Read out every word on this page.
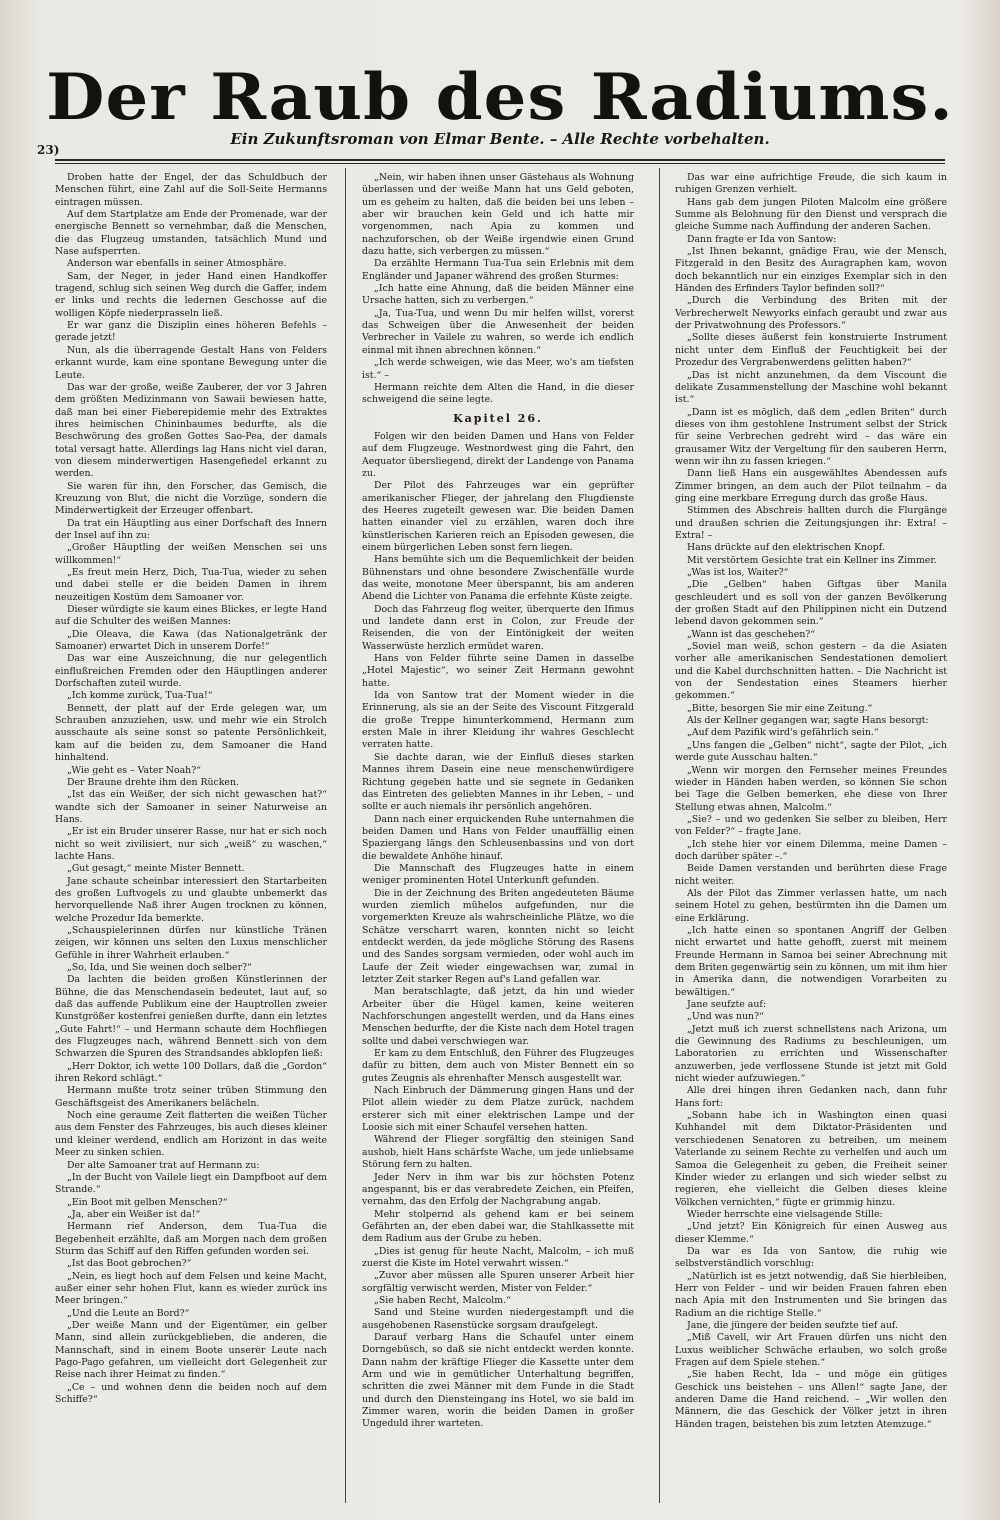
Der Raub des Radiums.
23)
Ein Zukunftsroman von Elmar Bente. – Alle Rechte vorbehalten.

Droben hatte der Engel, der das Schuldbuch der Menschen führt, eine Zahl auf die Soll-Seite Hermanns eintragen müssen.

Auf dem Startplatze am Ende der Promenade, war der energische Bennett so vernehmbar, daß die Menschen, die das Flugzeug umstanden, tatsächlich Mund und Nase aufsperrten.

Anderson war ebenfalls in seiner Atmosphäre.

Sam, der Neger, in jeder Hand einen Handkoffer tragend, schlug sich seinen Weg durch die Gaffer, indem er links und rechts die ledernen Geschosse auf die wolligen Köpfe niederprasseln ließ.

Er war ganz die Disziplin eines höheren Befehls – gerade jetzt!

Nun, als die überragende Gestalt Hans von Felders erkannt wurde, kam eine spontane Bewegung unter die Leute.

Das war der große, weiße Zauberer, der vor 3 Jahren dem größten Medizinmann von Sawaii bewiesen hatte, daß man bei einer Fieberepidemie mehr des Extraktes ihres heimischen Chininbaumes bedurfte, als die Beschwörung des großen Gottes Sao-Pea, der damals total versagt hatte. Allerdings lag Hans nicht viel daran, von diesem minderwertigen Hasengefiedel erkannt zu werden.

Sie waren für ihn, den Forscher, das Gemisch, die Kreuzung von Blut, die nicht die Vorzüge, sondern die Minderwertigkeit der Erzeuger offenbart.

Da trat ein Häuptling aus einer Dorfschaft des Innern der Insel auf ihn zu:

„Großer Häuptling der weißen Menschen sei uns willkommen!“

„Es freut mein Herz, Dich, Tua-Tua, wieder zu sehen und dabei stelle er die beiden Damen in ihrem neuzeitigen Kostüm dem Samoaner vor.

Dieser würdigte sie kaum eines Blickes, er legte Hand auf die Schulter des weißen Mannes:

„Die Oleava, die Kawa (das Nationalgetränk der Samoaner) erwartet Dich in unserem Dorfe!“

Das war eine Auszeichnung, die nur gelegentlich einflußreichen Fremden oder den Häuptlingen anderer Dorfschaften zuteil wurde.

„Ich komme zurück, Tua-Tua!“

Bennett, der platt auf der Erde gelegen war, um Schrauben anzuziehen, usw. und mehr wie ein Strolch ausschaute als seine sonst so patente Persönlichkeit, kam auf die beiden zu, dem Samoaner die Hand hinhaltend.

„Wie geht es – Vater Noah?“

Der Braune drehte ihm den Rücken.

„Ist das ein Weißer, der sich nicht gewaschen hat?“ wandte sich der Samoaner in seiner Naturweise an Hans.

„Er ist ein Bruder unserer Rasse, nur hat er sich noch nicht so weit zivilisiert, nur sich „weiß“ zu waschen,“ lachte Hans.

„Gut gesagt,“ meinte Mister Bennett.

Jane schaute scheinbar interessiert den Startarbeiten des großen Luftvogels zu und glaubte unbemerkt das hervorquellende Naß ihrer Augen trocknen zu können, welche Prozedur Ida bemerkte.

„Schauspielerinnen dürfen nur künstliche Tränen zeigen, wir können uns selten den Luxus menschlicher Gefühle in ihrer Wahrheit erlauben.“

„So, Ida, und Sie weinen doch selber?“

Da lachten die beiden großen Künstlerinnen der Bühne, die das Menschendasein bedeutet, laut auf, so daß das auffende Publikum eine der Hauptrollen zweier Kunstgrößer kostenfrei genießen durfte, dann ein letztes „Gute Fahrt!“ – und Hermann schaute dem Hochfliegen des Flugzeuges nach, während Bennett sich von dem Schwarzen die Spuren des Strandsandes abklopfen ließ:

„Herr Doktor, ich wette 100 Dollars, daß die „Gordon“ ihren Rekord schlägt.“

Hermann mußte trotz seiner trüben Stimmung den Geschäftsgeist des Amerikaners belächeln.

Noch eine geraume Zeit flatterten die weißen Tücher aus dem Fenster des Fahrzeuges, bis auch dieses kleiner und kleiner werdend, endlich am Horizont in das weite Meer zu sinken schien.

Der alte Samoaner trat auf Hermann zu:

„In der Bucht von Vailele liegt ein Dampfboot auf dem Strande.“

„Ein Boot mit gelben Menschen?“

„Ja, aber ein Weißer ist da!“

Hermann rief Anderson, dem Tua-Tua die Begebenheit erzählte, daß am Morgen nach dem großen Sturm das Schiff auf den Riffen gefunden worden sei.

„Ist das Boot gebrochen?“

„Nein, es liegt hoch auf dem Felsen und keine Macht, außer einer sehr hohen Flut, kann es wieder zurück ins Meer bringen.“

„Und die Leute an Bord?“

„Der weiße Mann und der Eigentümer, ein gelber Mann, sind allein zurückgeblieben, die anderen, die Mannschaft, sind in einem Boote unserer Leute nach Pago-Pago gefahren, um vielleicht dort Gelegenheit zur Reise nach ihrer Heimat zu finden.“

„Ce – und wohnen denn die beiden noch auf dem Schiffe?“

„Nein, wir haben ihnen unser Gästehaus als Wohnung überlassen und der weiße Mann hat uns Geld geboten, um es geheim zu halten, daß die beiden bei uns leben – aber wir brauchen kein Geld und ich hatte mir vorgenommen, nach Apia zu kommen und nachzuforschen, ob der Weiße irgendwie einen Grund dazu hatte, sich verbergen zu müssen.“

Da erzählte Hermann Tua-Tua sein Erlebnis mit dem Engländer und Japaner während des großen Sturmes:

„Ich hatte eine Ahnung, daß die beiden Männer eine Ursache hatten, sich zu verbergen.“

„Ja, Tua-Tua, und wenn Du mir helfen willst, vorerst das Schweigen über die Anwesenheit der beiden Verbrecher in Vailele zu wahren, so werde ich endlich einmal mit ihnen abrechnen können.“

„Ich werde schweigen, wie das Meer, wo's am tiefsten ist.“ –

Hermann reichte dem Alten die Hand, in die dieser schweigend die seine legte.

Kapitel 26.

Folgen wir den beiden Damen und Hans von Felder auf dem Flugzeuge. Westnordwest ging die Fahrt, den Aequator übersliegend, direkt der Landenge von Panama zu.

Der Pilot des Fahrzeuges war ein geprüfter amerikanischer Flieger, der jahrelang den Flugdienste des Heeres zugeteilt gewesen war. Die beiden Damen hatten einander viel zu erzählen, waren doch ihre künstlerischen Karieren reich an Episoden gewesen, die einem bürgerlichen Leben sonst fern liegen.

Hans bemühte sich um die Bequemlichkeit der beiden Bühnenstars und ohne besondere Zwischenfälle wurde das weite, monotone Meer überspannt, bis am anderen Abend die Lichter von Panama die erfehnte Küste zeigte.

Doch das Fahrzeug flog weiter, überquerte den Ifimus und landete dann erst in Colon, zur Freude der Reisenden, die von der Eintönigkeit der weiten Wasserwüste herzlich ermüdet waren.

Hans von Felder führte seine Damen in dasselbe „Hotel Majestic“, wo seiner Zeit Hermann gewohnt hatte.

Ida von Santow trat der Moment wieder in die Erinnerung, als sie an der Seite des Viscount Fitzgerald die große Treppe hinunterkommend, Hermann zum ersten Male in ihrer Kleidung ihr wahres Geschlecht verraten hatte.

Sie dachte daran, wie der Einfluß dieses starken Mannes ihrem Dasein eine neue menschenwürdigere Richtung gegeben hatte und sie segnete in Gedanken das Eintreten des geliebten Mannes in ihr Leben, – und sollte er auch niemals ihr persönlich angehören.

Dann nach einer erquickenden Ruhe unternahmen die beiden Damen und Hans von Felder unauffällig einen Spaziergang längs den Schleusenbassins und von dort die bewaldete Anhöhe hinauf.

Die Mannschaft des Flugzeuges hatte in einem weniger prominenten Hotel Unterkunft gefunden.

Die in der Zeichnung des Briten angedeuteten Bäume wurden ziemlich mühelos aufgefunden, nur die vorgemerkten Kreuze als wahrscheinliche Plätze, wo die Schätze verscharrt waren, konnten nicht so leicht entdeckt werden, da jede mögliche Störung des Rasens und des Sandes sorgsam vermieden, oder wohl auch im Laufe der Zeit wieder eingewachsen war, zumal in letzter Zeit starker Regen auf's Land gefallen war.

Man beratschlagte, daß jetzt, da hin und wieder Arbeiter über die Hügel kamen, keine weiteren Nachforschungen angestellt werden, und da Hans eines Menschen bedurfte, der die Kiste nach dem Hotel tragen sollte und dabei verschwiegen war.

Er kam zu dem Entschluß, den Führer des Flugzeuges dafür zu bitten, dem auch von Mister Bennett ein so gutes Zeugnis als ehrenhafter Mensch ausgestellt war.

Nach Einbruch der Dämmerung gingen Hans und der Pilot allein wieder zu dem Platze zurück, nachdem ersterer sich mit einer elektrischen Lampe und der Loosie sich mit einer Schaufel versehen hatten.

Während der Flieger sorgfältig den steinigen Sand aushob, hielt Hans schärfste Wache, um jede unliebsame Störung fern zu halten.

Jeder Nerv in ihm war bis zur höchsten Potenz angespannt, bis er das verabredete Zeichen, ein Pfeifen, vernahm, das den Erfolg der Nachgrabung angab.

Mehr stolpernd als gehend kam er bei seinem Gefährten an, der eben dabei war, die Stahlkassette mit dem Radium aus der Grube zu heben.

„Dies ist genug für heute Nacht, Malcolm, – ich muß zuerst die Kiste im Hotel verwahrt wissen.“

„Zuvor aber müssen alle Spuren unserer Arbeit hier sorgfältig verwischt werden, Mister von Felder.“

„Sie haben Recht, Malcolm.“

Sand und Steine wurden niedergestampft und die ausgehobenen Rasenstücke sorgsam draufgelegt.

Darauf verbarg Hans die Schaufel unter einem Dorngebüsch, so daß sie nicht entdeckt werden konnte. Dann nahm der kräftige Flieger die Kassette unter dem Arm und wie in gemütlicher Unterhaltung begriffen, schritten die zwei Männer mit dem Funde in die Stadt und durch den Diensteingang ins Hotel, wo sie bald im Zimmer waren, worin die beiden Damen in großer Ungeduld ihrer warteten.

Das war eine aufrichtige Freude, die sich kaum in ruhigen Grenzen verhielt.

Hans gab dem jungen Piloten Malcolm eine größere Summe als Belohnung für den Dienst und versprach die gleiche Summe nach Auffindung der anderen Sachen.

Dann fragte er Ida von Santow:

„Ist Ihnen bekannt, gnädige Frau, wie der Mensch, Fitzgerald in den Besitz des Auragraphen kam, wovon doch bekanntlich nur ein einziges Exemplar sich in den Händen des Erfinders Taylor befinden soll?“

„Durch die Verbindung des Briten mit der Verbrecherwelt Newyorks einfach geraubt und zwar aus der Privatwohnung des Professors.“

„Sollte dieses äußerst fein konstruierte Instrument nicht unter dem Einfluß der Feuchtigkeit bei der Prozedur des Vergrabenwerdens gelitten haben?“

„Das ist nicht anzunehmen, da dem Viscount die delikate Zusammenstellung der Maschine wohl bekannt ist.“

„Dann ist es möglich, daß dem „edlen Briten“ durch dieses von ihm gestohlene Instrument selbst der Strick für seine Verbrechen gedreht wird – das wäre ein grausamer Witz der Vergeltung für den sauberen Herrn, wenn wir ihn zu fassen kriegen.“

Dann ließ Hans ein ausgewähltes Abendessen aufs Zimmer bringen, an dem auch der Pilot teilnahm – da ging eine merkbare Erregung durch das große Haus.

Stimmen des Abschreis hallten durch die Flurgänge und draußen schrien die Zeitungsjungen ihr: Extra! – Extra! –

Hans drückte auf den elektrischen Knopf.

Mit verstörtem Gesichte trat ein Kellner ins Zimmer.

„Was ist los, Waiter?“

„Die „Gelben“ haben Giftgas über Manila geschleudert und es soll von der ganzen Bevölkerung der großen Stadt auf den Philippinen nicht ein Dutzend lebend davon gekommen sein.“

„Wann ist das geschehen?“

„Soviel man weiß, schon gestern – da die Asiaten vorher alle amerikanischen Sendestationen demoliert und die Kabel durchschnitten hatten. – Die Nachricht ist von der Sendestation eines Steamers hierher gekommen.“

„Bitte, besorgen Sie mir eine Zeitung.“

Als der Kellner gegangen war, sagte Hans besorgt:

„Auf dem Pazifik wird's gefährlich sein.“

„Uns fangen die „Gelben“ nicht“, sagte der Pilot, „ich werde gute Ausschau halten.“

„Wenn wir morgen den Fernseher meines Freundes wieder in Händen haben werden, so können Sie schon bei Tage die Gelben bemerken, ehe diese von Ihrer Stellung etwas ahnen, Malcolm.“

„Sie? – und wo gedenken Sie selber zu bleiben, Herr von Felder?“ – fragte Jane.

„Ich stehe hier vor einem Dilemma, meine Damen – doch darüber später –.“

Beide Damen verstanden und berührten diese Frage nicht weiter.

Als der Pilot das Zimmer verlassen hatte, um nach seinem Hotel zu gehen, bestürmten ihn die Damen um eine Erklärung.

„Ich hatte einen so spontanen Angriff der Gelben nicht erwartet und hatte gehofft, zuerst mit meinem Freunde Hermann in Samoa bei seiner Abrechnung mit dem Briten gegenwärtig sein zu können, um mit ihm hier in Amerika dann, die notwendigen Vorarbeiten zu bewältigen.“

Jane seufzte auf:

„Und was nun?“

„Jetzt muß ich zuerst schnellstens nach Arizona, um die Gewinnung des Radiums zu beschleunigen, um Laboratorien zu errichten und Wissenschafter anzuwerben, jede verflossene Stunde ist jetzt mit Gold nicht wieder aufzuwiegen.“

Alle drei hingen ihren Gedanken nach, dann fuhr Hans fort:

„Sobann habe ich in Washington einen quasi Kuhhandel mit dem Diktator-Präsidenten und verschiedenen Senatoren zu betreiben, um meinem Vaterlande zu seinem Rechte zu verhelfen und auch um Samoa die Gelegenheit zu geben, die Freiheit seiner Kinder wieder zu erlangen und sich wieder selbst zu regieren, ehe vielleicht die Gelben dieses kleine Völkchen vernichten,“ fügte er grimmig hinzu.

Wieder herrschte eine vielsagende Stille:

„Und jetzt? Ein Königreich für einen Ausweg aus dieser Klemme.“

Da war es Ida von Santow, die ruhig wie selbstverständlich vorschlug:

„Natürlich ist es jetzt notwendig, daß Sie hierbleiben, Herr von Felder – und wir beiden Frauen fahren eben nach Apia mit den Instrumenten und Sie bringen das Radium an die richtige Stelle.“

Jane, die jüngere der beiden seufzte tief auf.

„Miß Cavell, wir Art Frauen dürfen uns nicht den Luxus weiblicher Schwäche erlauben, wo solch große Fragen auf dem Spiele stehen.“

„Sie haben Recht, Ida – und möge ein gütiges Geschick uns beistehen – uns Allen!“ sagte Jane, der anderen Dame die Hand reichend. – „Wir wollen den Männern, die das Geschick der Völker jetzt in ihren Händen tragen, beistehen bis zum letzten Atemzuge.“
